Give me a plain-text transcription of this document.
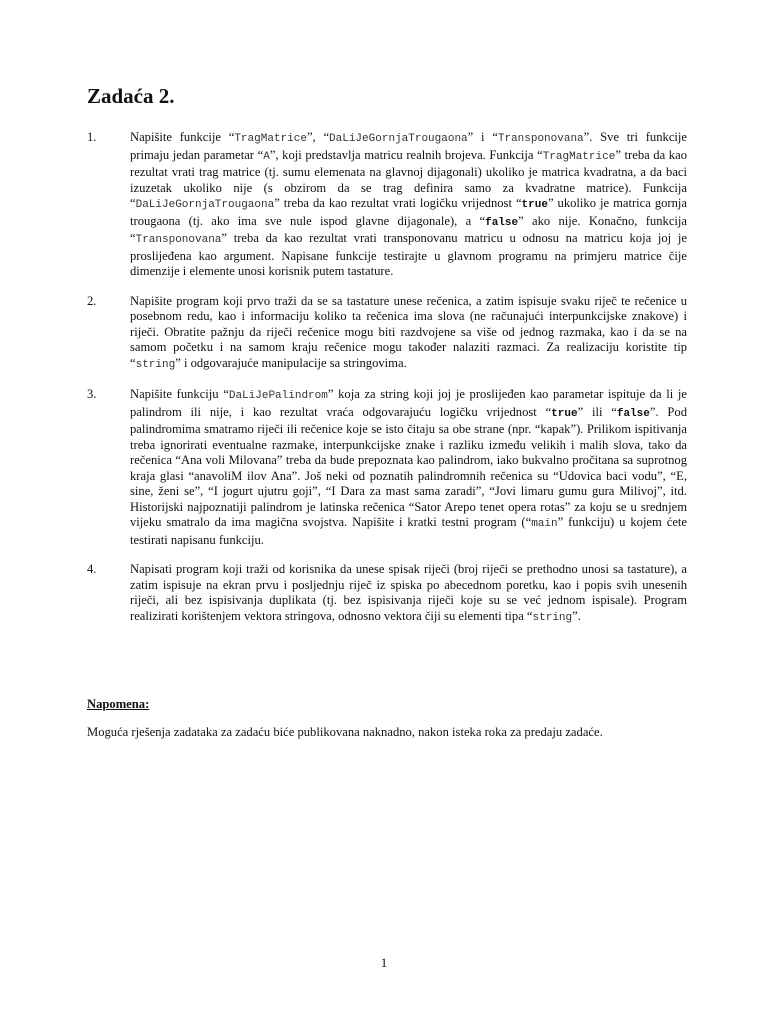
Zadaća 2.
1.	Napišite funkcije “TragMatrice”, “DaLiJeGornjaTrougaona” i “Transponovana”. Sve tri funkcije primaju jedan parametar “A”, koji predstavlja matricu realnih brojeva. Funkcija “TragMatrice” treba da kao rezultat vrati trag matrice (tj. sumu elemenata na glavnoj dijagonali) ukoliko je matrica kvadratna, a da baci izuzetak ukoliko nije (s obzirom da se trag definira samo za kvadratne matrice). Funkcija “DaLiJeGornjaTrougaona” treba da kao rezultat vrati logičku vrijednost “true” ukoliko je matrica gornja trougaona (tj. ako ima sve nule ispod glavne dijagonale), a “false” ako nije. Konačno, funkcija “Transponovana” treba da kao rezultat vrati transponovanu matricu u odnosu na matricu koja joj je proslijeđena kao argument. Napisane funkcije testirajte u glavnom programu na primjeru matrice čije dimenzije i elemente unosi korisnik putem tastature.
2.	Napišite program koji prvo traži da se sa tastature unese rečenica, a zatim ispisuje svaku riječ te rečenice u posebnom redu, kao i informaciju koliko ta rečenica ima slova (ne računajući interpunkcijske znakove) i riječi. Obratite pažnju da riječi rečenice mogu biti razdvojene sa više od jednog razmaka, kao i da se na samom početku i na samom kraju rečenice mogu također nalaziti razmaci. Za realizaciju koristite tip “string” i odgovarajuće manipulacije sa stringovima.
3.	Napišite funkciju “DaLiJePalindrom” koja za string koji joj je proslijeđen kao parametar ispituje da li je palindrom ili nije, i kao rezultat vraća odgovarajuću logičku vrijednost “true” ili “false”. Pod palindromima smatramo riječi ili rečenice koje se isto čitaju sa obe strane (npr. “kapak”). Prilikom ispitivanja treba ignorirati eventualne razmake, interpunkcijske znake i razliku između velikih i malih slova, tako da rečenica “Ana voli Milovana” treba da bude prepoznata kao palindrom, iako bukvalno pročitana sa suprotnog kraja glasi “anavoliM ilov Ana”. Još neki od poznatih palindromnih rečenica su “Udovica baci vodu”, “E, sine, ženi se”, “I jogurt ujutru goji”, “I Dara za mast sama zaradi”, “Jovi limaru gumu gura Milivoj”, itd. Historijski najpoznatiji palindrom je latinska rečenica “Sator Arepo tenet opera rotas” za koju se u srednjem vijeku smatralo da ima magična svojstva. Napišite i kratki testni program (“main” funkciju) u kojem ćete testirati napisanu funkciju.
4.	Napisati program koji traži od korisnika da unese spisak riječi (broj riječi se prethodno unosi sa tastature), a zatim ispisuje na ekran prvu i posljednju riječ iz spiska po abecednom poretku, kao i popis svih unesenih riječi, ali bez ispisivanja duplikata (tj. bez ispisivanja riječi koje su se već jednom ispisale). Program realizirati korištenjem vektora stringova, odnosno vektora čiji su elementi tipa “string”.
Napomena:
Moguća rješenja zadataka za zadaću biće publikovana naknadno, nakon isteka roka za predaju zadaće.
1
